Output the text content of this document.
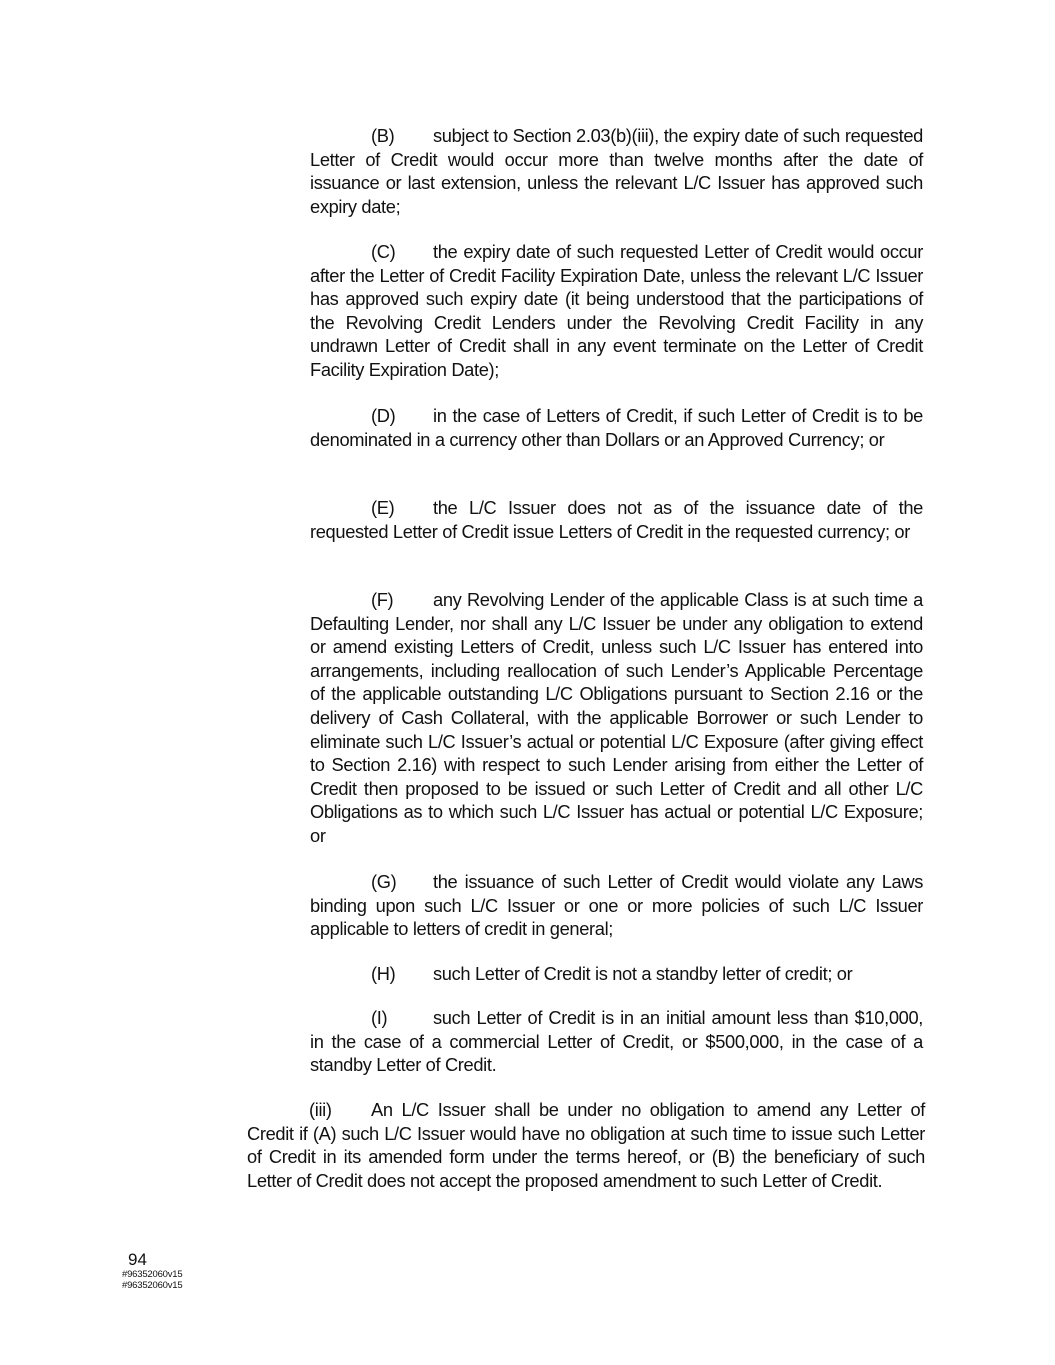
(B) subject to Section 2.03(b)(iii), the expiry date of such requested Letter of Credit would occur more than twelve months after the date of issuance or last extension, unless the relevant L/C Issuer has approved such expiry date;

(C) the expiry date of such requested Letter of Credit would occur after the Letter of Credit Facility Expiration Date, unless the relevant L/C Issuer has approved such expiry date (it being understood that the participations of the Revolving Credit Lenders under the Revolving Credit Facility in any undrawn Letter of Credit shall in any event terminate on the Letter of Credit Facility Expiration Date);

(D) in the case of Letters of Credit, if such Letter of Credit is to be denominated in a currency other than Dollars or an Approved Currency; or

(E) the L/C Issuer does not as of the issuance date of the requested Letter of Credit issue Letters of Credit in the requested currency; or

(F) any Revolving Lender of the applicable Class is at such time a Defaulting Lender, nor shall any L/C Issuer be under any obligation to extend or amend existing Letters of Credit, unless such L/C Issuer has entered into arrangements, including reallocation of such Lender’s Applicable Percentage of the applicable outstanding L/C Obligations pursuant to Section 2.16 or the delivery of Cash Collateral, with the applicable Borrower or such Lender to eliminate such L/C Issuer’s actual or potential L/C Exposure (after giving effect to Section 2.16) with respect to such Lender arising from either the Letter of Credit then proposed to be issued or such Letter of Credit and all other L/C Obligations as to which such L/C Issuer has actual or potential L/C Exposure; or

(G) the issuance of such Letter of Credit would violate any Laws binding upon such L/C Issuer or one or more policies of such L/C Issuer applicable to letters of credit in general;

(H) such Letter of Credit is not a standby letter of credit; or

(I)	such Letter of Credit is in an initial amount less than $10,000, in the case of a commercial Letter of Credit, or $500,000, in the case of a standby Letter of Credit.

(iii) An L/C Issuer shall be under no obligation to amend any Letter of Credit if (A) such L/C Issuer would have no obligation at such time to issue such Letter of Credit in its amended form under the terms hereof, or (B) the beneficiary of such Letter of Credit does not accept the proposed amendment to such Letter of Credit.

94
#96352060v15
#96352060v15
